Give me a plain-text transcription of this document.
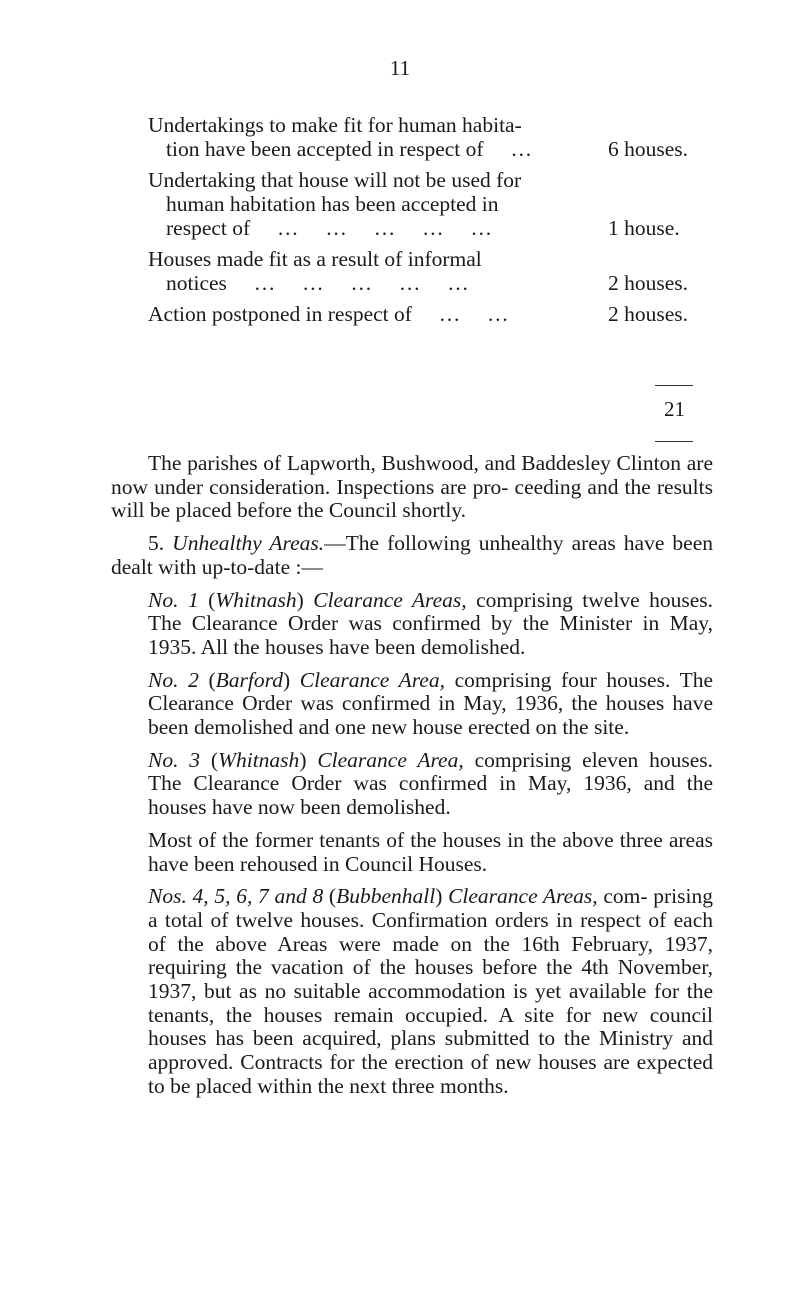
11
Undertakings to make fit for human habita-
tion have been accepted in respect of  …	6 houses.
Undertaking that house will not be used for
human habitation has been accepted in
respect of  …  …  …  …  …	1 house.
Houses made fit as a result of informal
notices  …  …  …  …  …	2 houses.
Action postponed in respect of  …  …	2 houses.
21

The parishes of Lapworth, Bushwood, and Baddesley Clinton are now under consideration. Inspections are pro- ceeding and the results will be placed before the Council shortly.

5. Unhealthy Areas.—The following unhealthy areas have been dealt with up-to-date :—

No. 1 (Whitnash) Clearance Areas, comprising twelve houses. The Clearance Order was confirmed by the Minister in May, 1935. All the houses have been demolished.

No. 2 (Barford) Clearance Area, comprising four houses. The Clearance Order was confirmed in May, 1936, the houses have been demolished and one new house erected on the site.

No. 3 (Whitnash) Clearance Area, comprising eleven houses. The Clearance Order was confirmed in May, 1936, and the houses have now been demolished.

Most of the former tenants of the houses in the above three areas have been rehoused in Council Houses.

Nos. 4, 5, 6, 7 and 8 (Bubbenhall) Clearance Areas, com- prising a total of twelve houses. Confirmation orders in respect of each of the above Areas were made on the 16th February, 1937, requiring the vacation of the houses before the 4th November, 1937, but as no suitable accommodation is yet available for the tenants, the houses remain occupied. A site for new council houses has been acquired, plans submitted to the Ministry and approved. Contracts for the erection of new houses are expected to be placed within the next three months.
